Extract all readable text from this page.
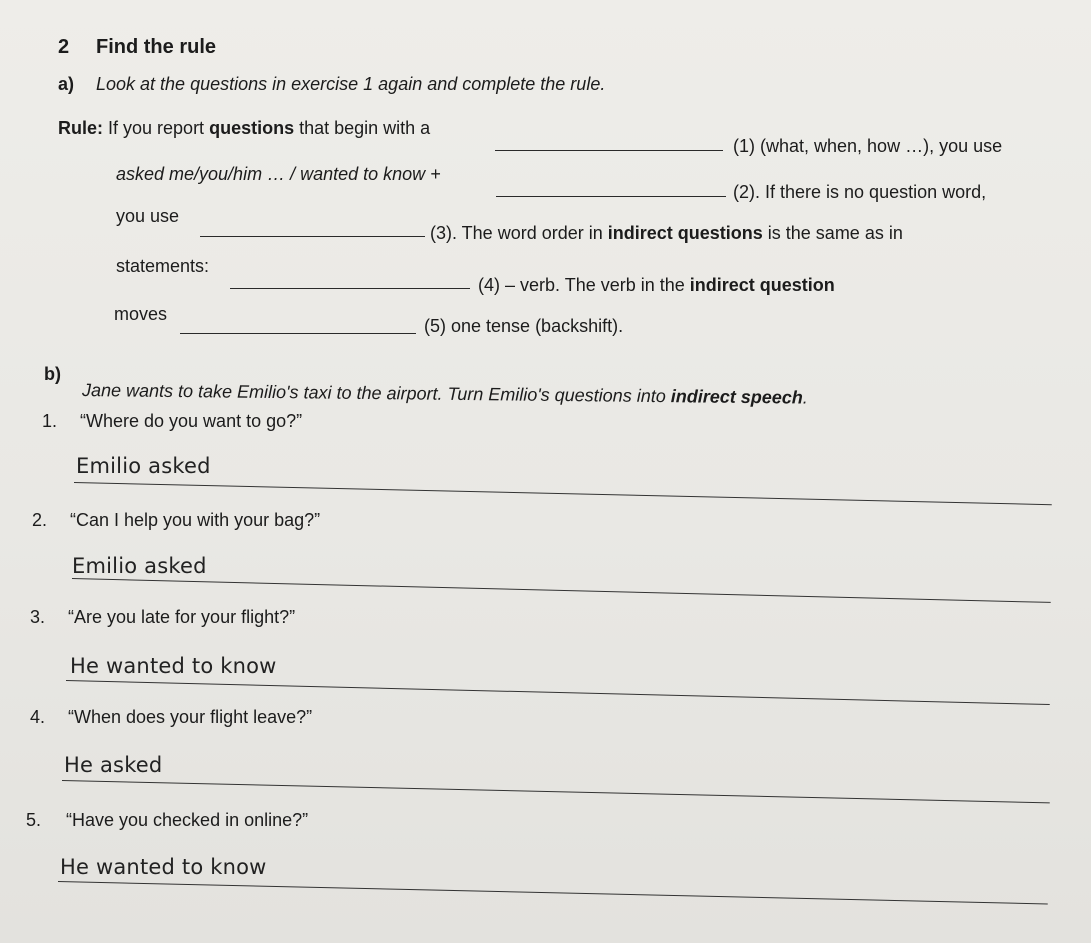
2 Find the rule
a) Look at the questions in exercise 1 again and complete the rule.
Rule: If you report questions that begin with a
(1) (what, when, how …), you use
asked me/you/him … / wanted to know +
(2). If there is no question word,
you use
(3). The word order in indirect questions is the same as in
statements:
(4) – verb. The verb in the indirect question
moves
(5) one tense (backshift).
b)
Jane wants to take Emilio's taxi to the airport. Turn Emilio's questions into indirect speech.
1. “Where do you want to go?”
Emilio asked
2. “Can I help you with your bag?”
Emilio asked
3. “Are you late for your flight?”
He wanted to know
4. “When does your flight leave?”
He asked
5. “Have you checked in online?”
He wanted to know
